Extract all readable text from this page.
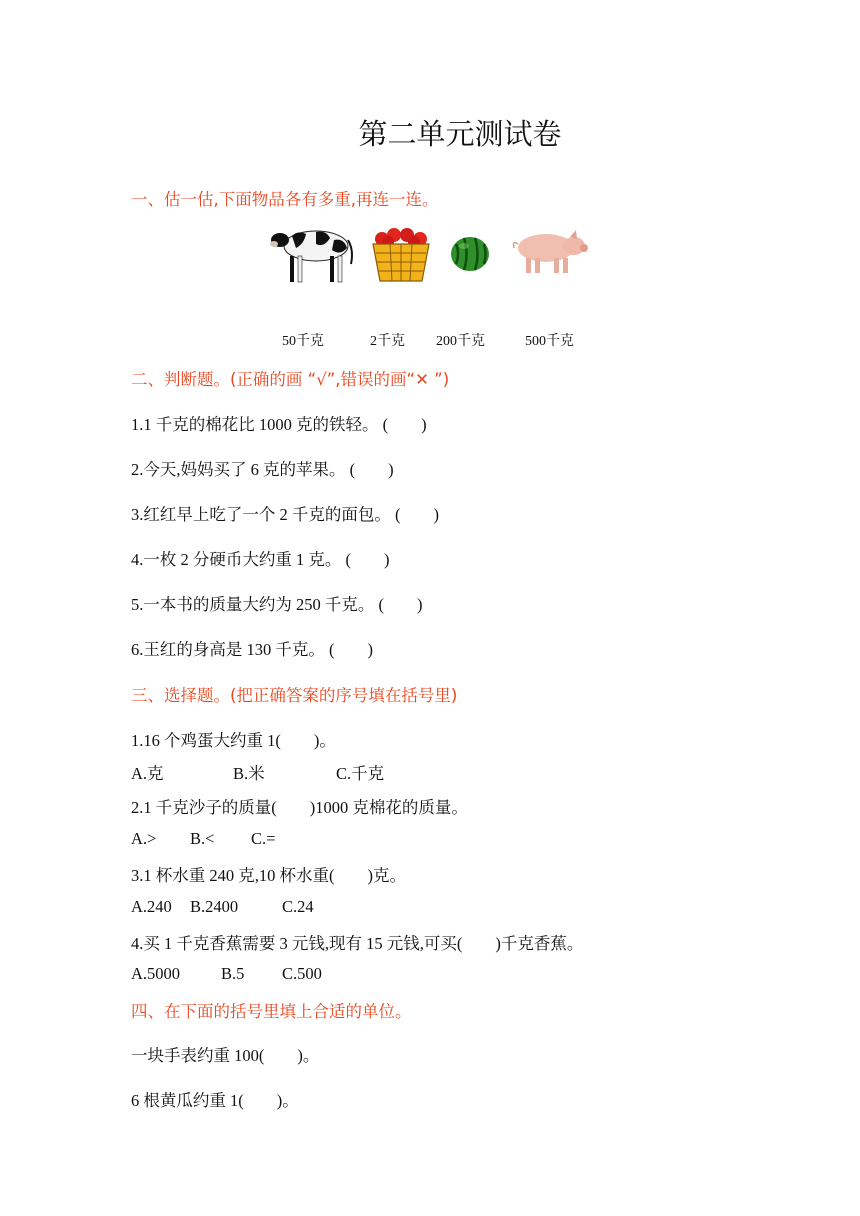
第二单元测试卷
一、估一估,下面物品各有多重,再连一连。
50千克	2千克 200千克	500千克
二、判断题。(正确的画 “√”,错误的画“✕ ”)
1.1 千克的棉花比 1000 克的铁轻。 (　　)
2.今天,妈妈买了 6 克的苹果。 (　　)
3.红红早上吃了一个 2 千克的面包。 (　　)
4.一枚 2 分硬币大约重 1 克。 (　　)
5.一本书的质量大约为 250 千克。 (　　)
6.王红的身高是 130 千克。 (　　)
三、选择题。(把正确答案的序号填在括号里)
1.16 个鸡蛋大约重 1(　　)。
A.克	B.米	C.千克
2.1 千克沙子的质量(　　)1000 克棉花的质量。
A.> B.< C.=
3.1 杯水重 240 克,10 杯水重(　　)克。
A.240 B.2400	C.24
4.买 1 千克香蕉需要 3 元钱,现有 15 元钱,可买(　　)千克香蕉。
A.5000 B.5 C.500
四、在下面的括号里填上合适的单位。
一块手表约重 100(　　)。
6 根黄瓜约重 1(　　)。
